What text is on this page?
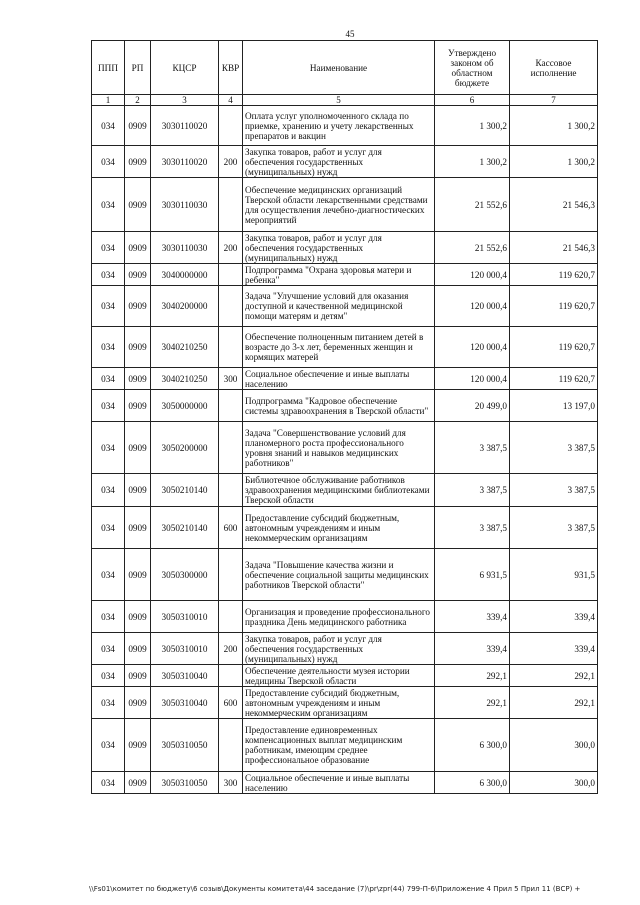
45
ППП	РП	КЦСР	КВР	Наименование	Утверждено законом об областном бюджете	Кассовое исполнение
1	2	3	4	5	6	7
034	0909	3030110020		Оплата услуг уполномоченного склада по приемке, хранению и учету лекарственных препаратов и вакцин	1 300,2	1 300,2
034	0909	3030110020	200	Закупка товаров, работ и услуг для обеспечения государственных (муниципальных) нужд	1 300,2	1 300,2
034	0909	3030110030		Обеспечение медицинских организаций Тверской области лекарственными средствами для осуществления лечебно-диагностических мероприятий	21 552,6	21 546,3
034	0909	3030110030	200	Закупка товаров, работ и услуг для обеспечения государственных (муниципальных) нужд	21 552,6	21 546,3
034	0909	3040000000		Подпрограмма "Охрана здоровья матери и ребенка"	120 000,4	119 620,7
034	0909	3040200000		Задача "Улучшение условий для оказания доступной и качественной медицинской помощи матерям и детям"	120 000,4	119 620,7
034	0909	3040210250		Обеспечение полноценным питанием детей в возрасте до 3-х лет, беременных женщин и кормящих матерей	120 000,4	119 620,7
034	0909	3040210250	300	Социальное обеспечение и иные выплаты населению	120 000,4	119 620,7
034	0909	3050000000		Подпрограмма "Кадровое обеспечение системы здравоохранения в Тверской области"	20 499,0	13 197,0
034	0909	3050200000		Задача "Совершенствование условий для планомерного роста профессионального уровня знаний и навыков медицинских работников"	3 387,5	3 387,5
034	0909	3050210140		Библиотечное обслуживание работников здравоохранения медицинскими библиотеками Тверской области	3 387,5	3 387,5
034	0909	3050210140	600	Предоставление субсидий бюджетным, автономным учреждениям и иным некоммерческим организациям	3 387,5	3 387,5
034	0909	3050300000		Задача "Повышение качества жизни и обеспечение социальной защиты медицинских работников Тверской области"	6 931,5	931,5
034	0909	3050310010		Организация и проведение профессионального праздника День медицинского работника	339,4	339,4
034	0909	3050310010	200	Закупка товаров, работ и услуг для обеспечения государственных (муниципальных) нужд	339,4	339,4
034	0909	3050310040		Обеспечение деятельности музея истории медицины Тверской области	292,1	292,1
034	0909	3050310040	600	Предоставление субсидий бюджетным, автономным учреждениям и иным некоммерческим организациям	292,1	292,1
034	0909	3050310050		Предоставление единовременных компенсационных выплат медицинским работникам, имеющим среднее профессиональное образование	6 300,0	300,0
034	0909	3050310050	300	Социальное обеспечение и иные выплаты населению	6 300,0	300,0
\\Fs01\комитет по бюджету\6 созыв\Документы комитета\44 заседание (7)\pr\zpr(44) 799-П-6\Приложение 4 Прил 5 Прил 11 (ВСР) +
